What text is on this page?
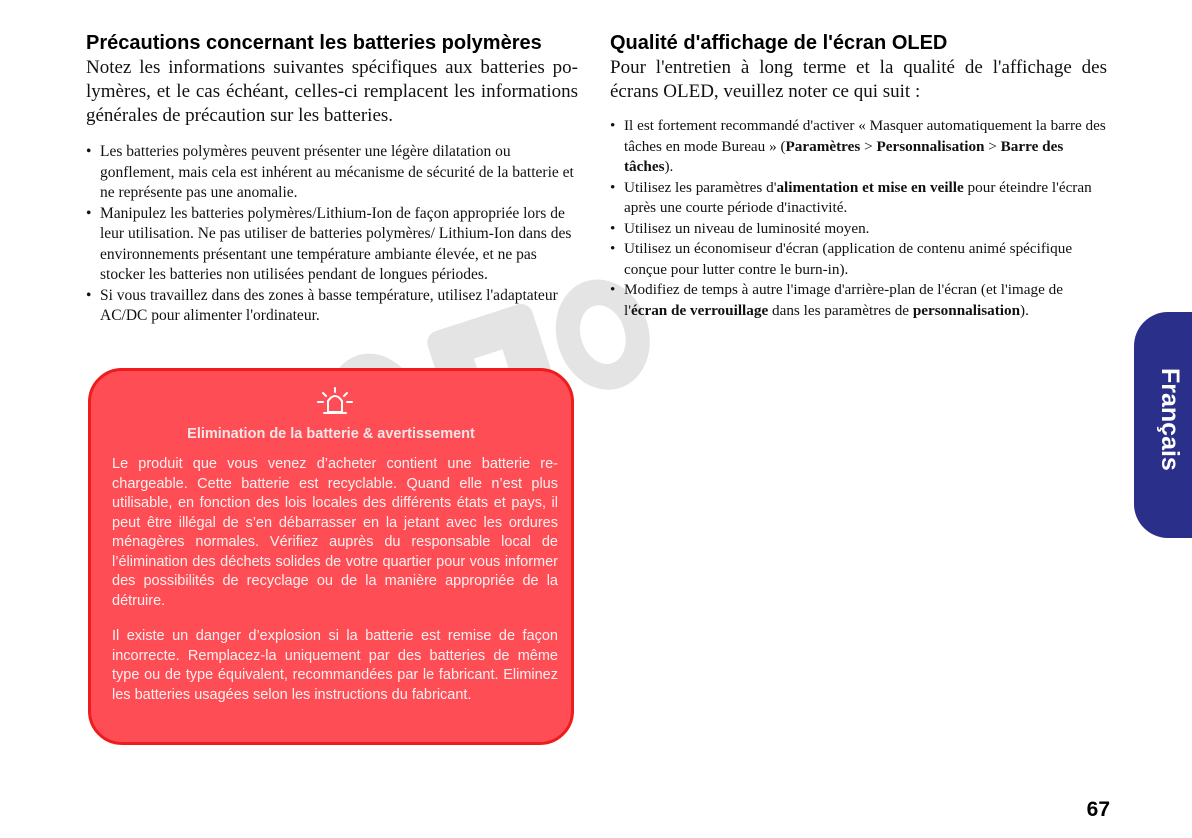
Précautions concernant les batteries polymères

Notez les informations suivantes spécifiques aux batteries polymères, et le cas échéant, celles-ci remplacent les informations générales de précaution sur les batteries.

• Les batteries polymères peuvent présenter une légère dilatation ou gonflement, mais cela est inhérent au mécanisme de sécurité de la batterie et ne représente pas une anomalie.
• Manipulez les batteries polymères/Lithium-Ion de façon appropriée lors de leur utilisation. Ne pas utiliser de batteries polymères/ Lithium-Ion dans des environnements présentant une température ambiante élevée, et ne pas stocker les batteries non utilisées pendant de longues périodes.
• Si vous travaillez dans des zones à basse température, utilisez l'adaptateur AC/DC pour alimenter l'ordinateur.
Qualité d'affichage de l'écran OLED

Pour l'entretien à long terme et la qualité de l'affichage des écrans OLED, veuillez noter ce qui suit :

• Il est fortement recommandé d'activer « Masquer automatiquement la barre des tâches en mode Bureau » (Paramètres > Personnalisation > Barre des tâches).
• Utilisez les paramètres d'alimentation et mise en veille pour éteindre l'écran après une courte période d'inactivité.
• Utilisez un niveau de luminosité moyen.
• Utilisez un économiseur d'écran (application de contenu animé spécifique conçue pour lutter contre le burn-in).
• Modifiez de temps à autre l'image d'arrière-plan de l'écran (et l'image de l'écran de verrouillage dans les paramètres de personnalisation).
Elimination de la batterie & avertissement

Le produit que vous venez d’acheter contient une batterie rechargeable. Cette batterie est recyclable. Quand elle n’est plus utilisable, en fonction des lois locales des différents états et pays, il peut être illégal de s’en débarrasser en la jetant avec les ordures ménagères normales. Vérifiez auprès du responsable local de l’élimination des déchets solides de votre quartier pour vous informer des possibilités de recyclage ou de la manière appropriée de la détruire.

Il existe un danger d’explosion si la batterie est remise de façon incorrecte. Remplacez-la uniquement par des batteries de même type ou de type équivalent, recommandées par le fabricant. Eliminez les batteries usagées selon les instructions du fabricant.

Français
67
